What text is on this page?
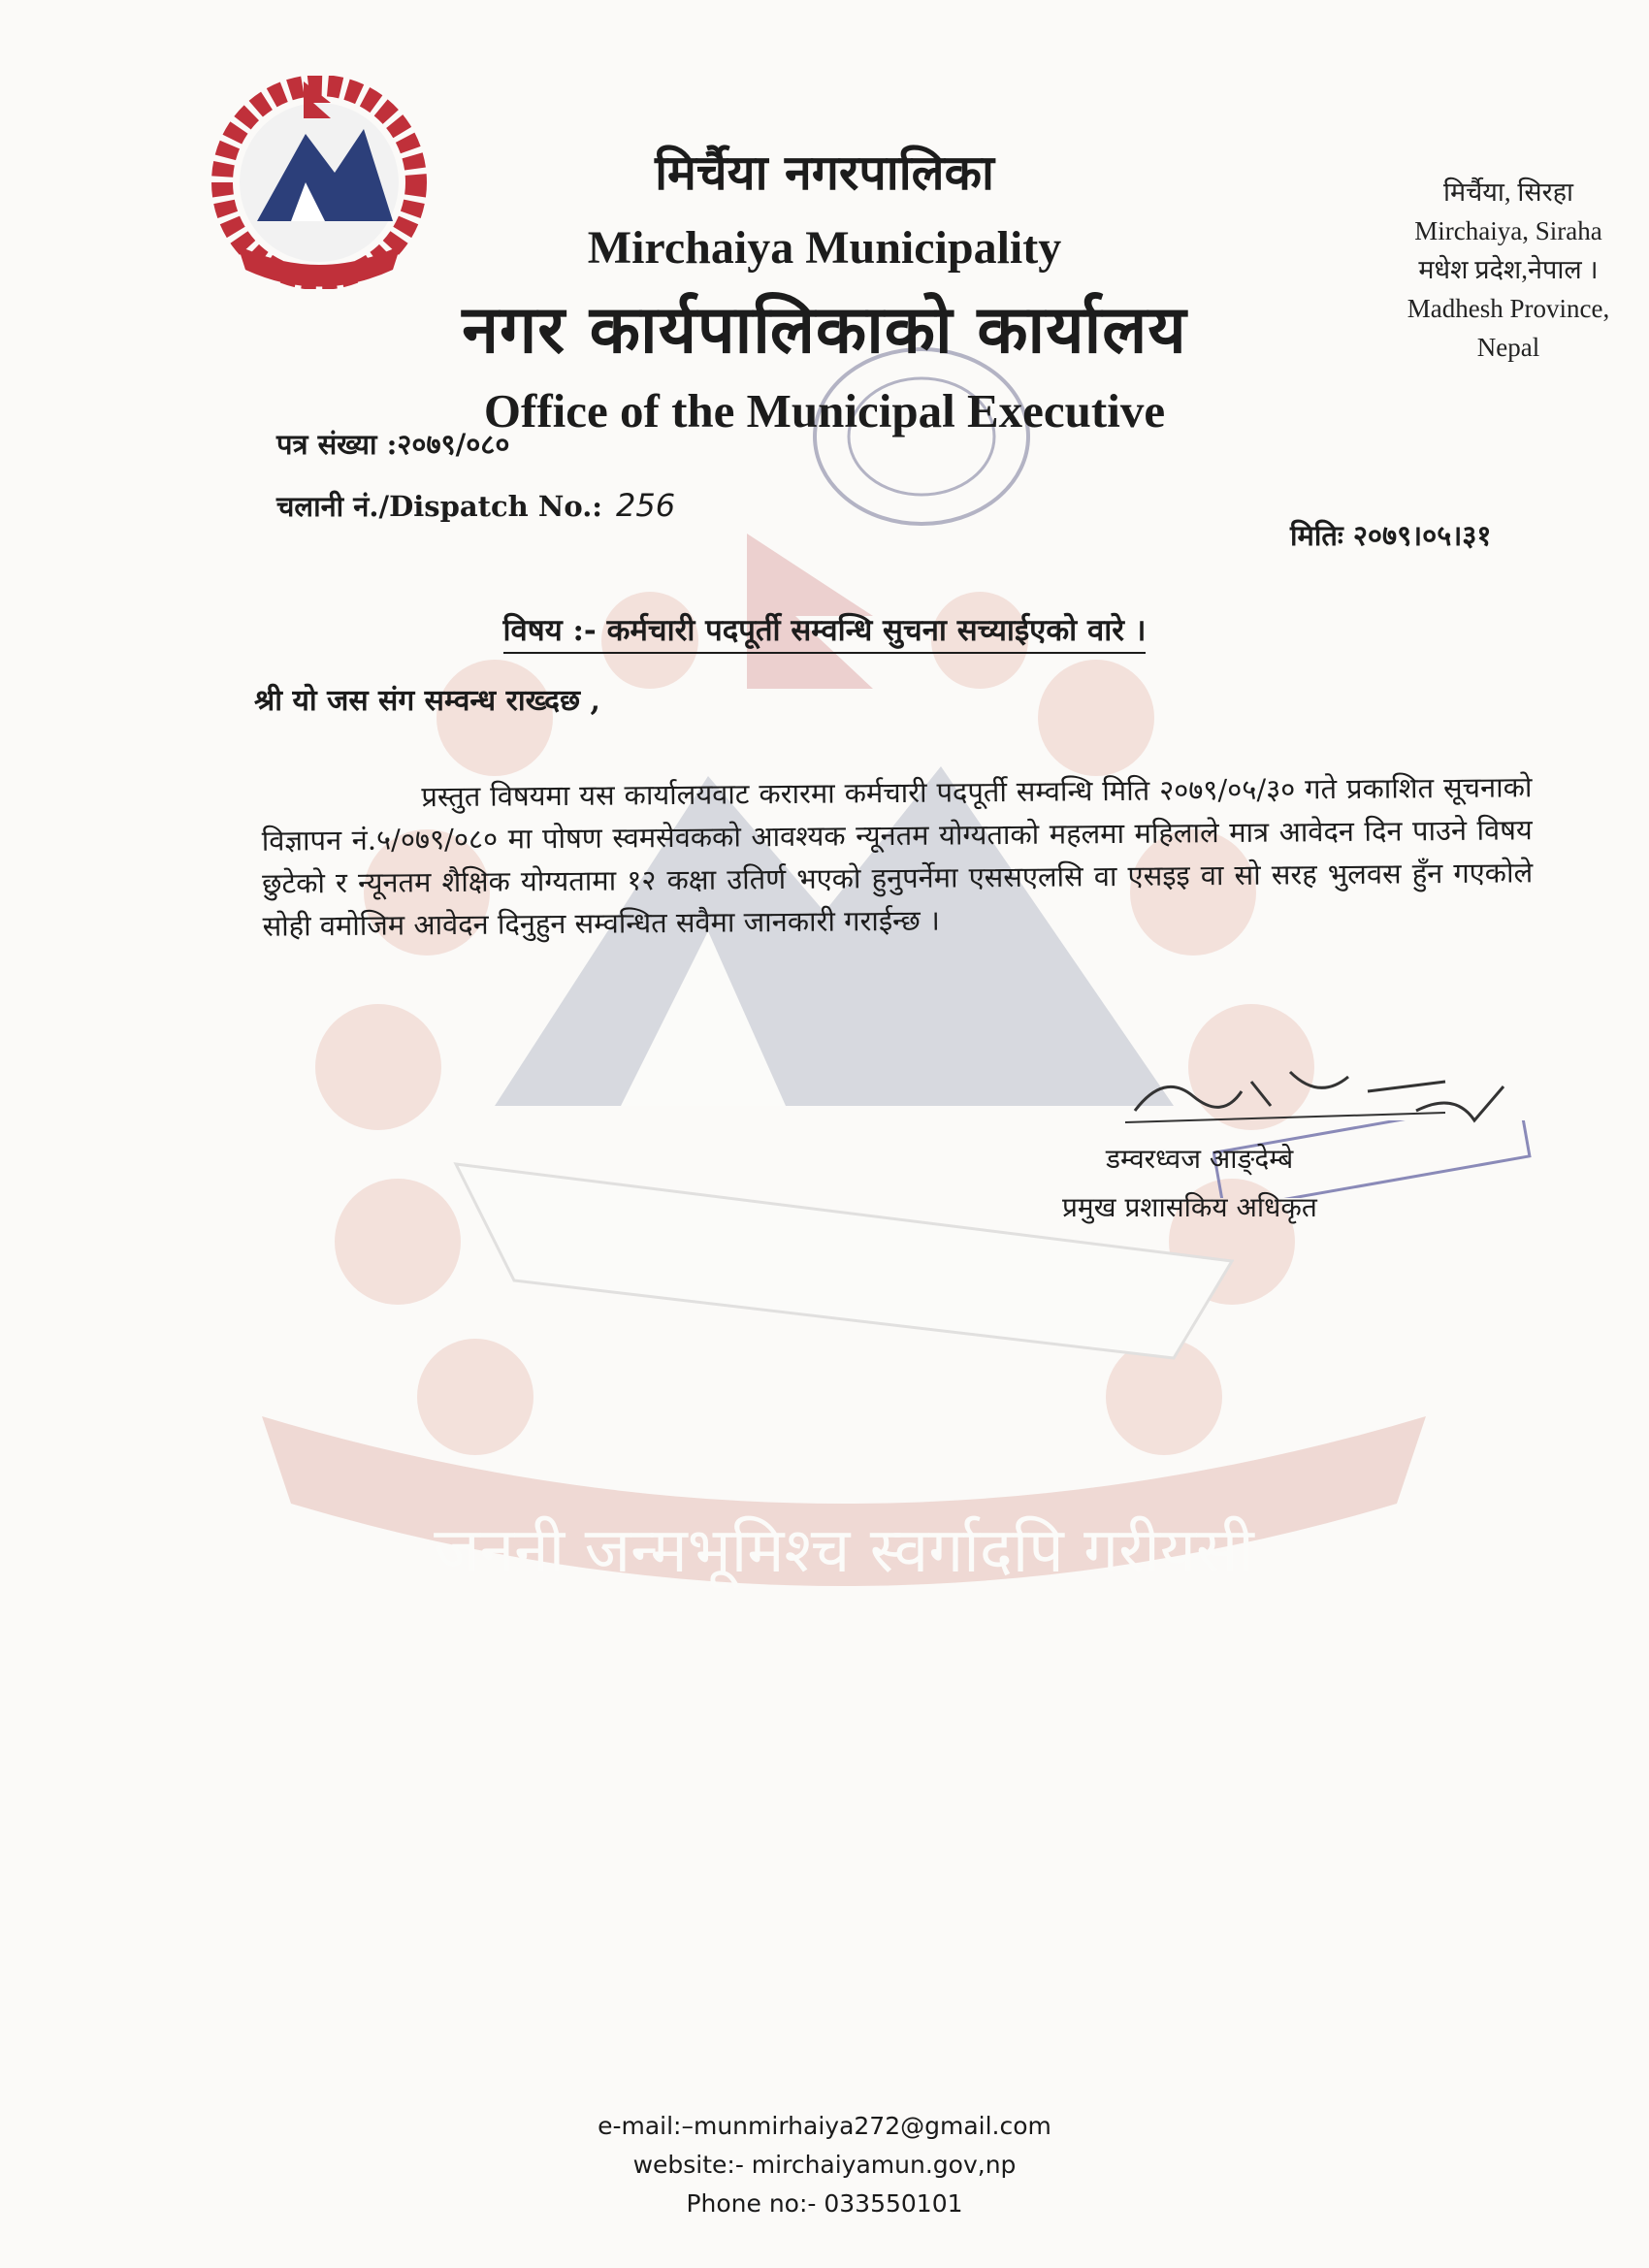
जननी जन्मभूमिश्च स्वर्गादपि गरीयसी
मिर्चैया नगरपालिका
Mirchaiya Municipality
नगर कार्यपालिकाको कार्यालय
Office of the Municipal Executive
मिर्चैया, सिरहा
Mirchaiya, Siraha
मधेश प्रदेश,नेपाल ।
Madhesh Province,
Nepal
पत्र संख्या :२०७९/०८०
चलानी नं./Dispatch No.: 256
मितिः २०७९।०५।३१
विषय :- कर्मचारी पदपूर्ती सम्वन्धि सुचना सच्याईएको वारे ।
श्री यो जस संग सम्वन्ध राख्दछ ,
प्रस्तुत विषयमा यस कार्यालयवाट करारमा कर्मचारी पदपूर्ती सम्वन्धि मिति २०७९/०५/३० गते प्रकाशित सूचनाको विज्ञापन नं.५/०७९/०८० मा पोषण स्वमसेवकको आवश्यक न्यूनतम योग्यताको महलमा महिलाले मात्र आवेदन दिन पाउने विषय छुटेको र न्यूनतम शैक्षिक योग्यतामा १२ कक्षा उतिर्ण भएको हुनुपर्नेमा एससएलसि वा एसइइ वा सो सरह भुलवस हुँन गएकोले सोही वमोजिम आवेदन दिनुहुन सम्वन्धित सवैमा जानकारी गराईन्छ ।
डम्वरध्वज आङ्देम्बे
प्रमुख प्रशासकिय अधिकृत
e-mail:–munmirhaiya272@gmail.com
website:- mirchaiyamun.gov,np
Phone no:- 033550101
